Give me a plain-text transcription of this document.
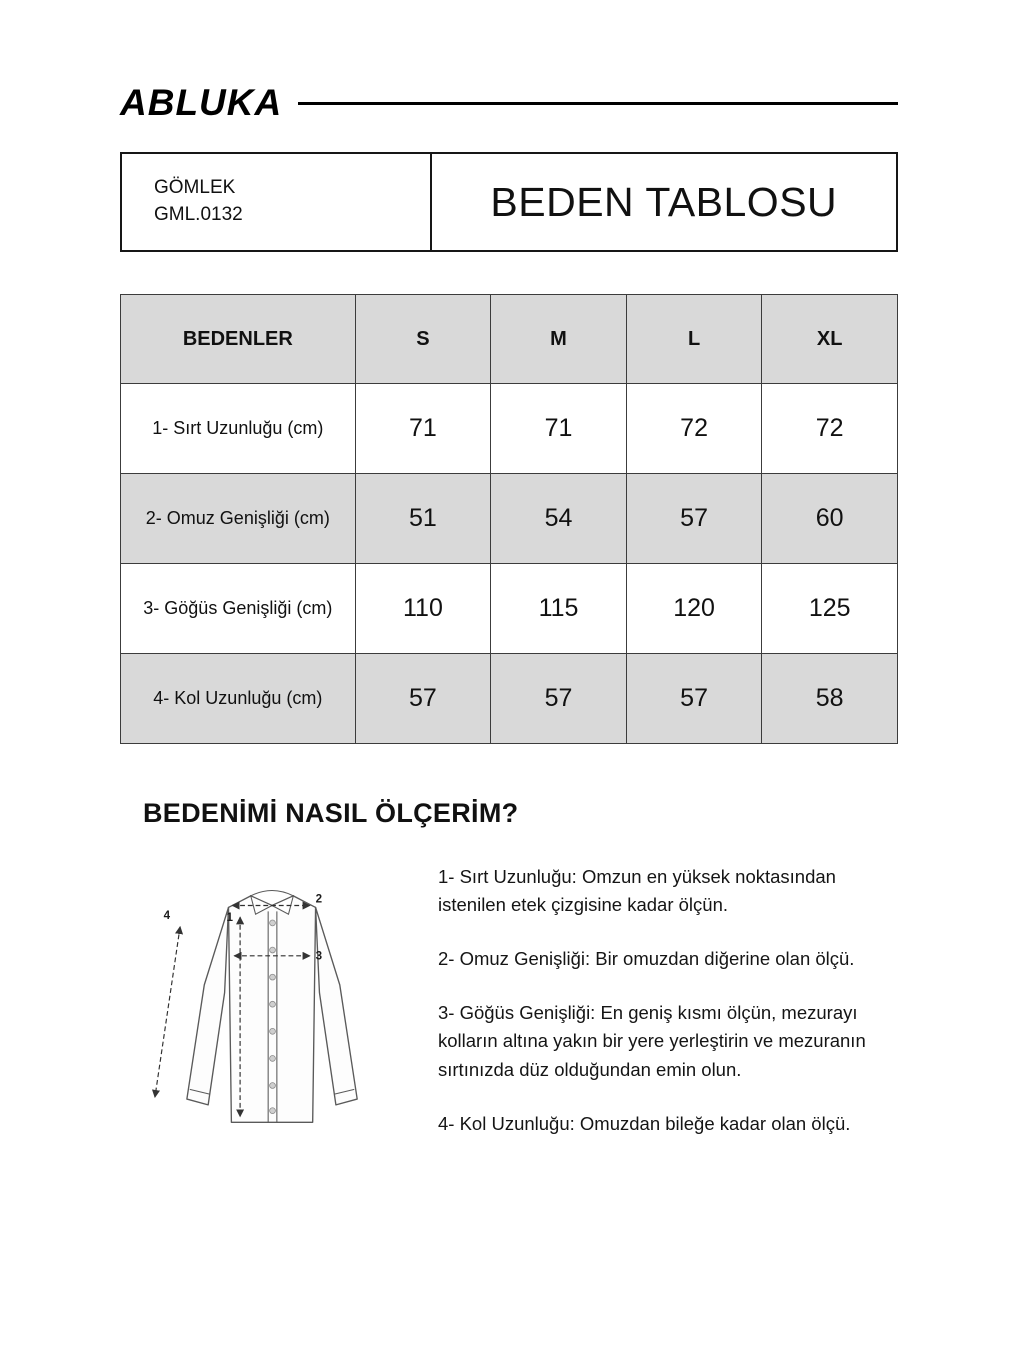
ABLUKA
GÖMLEK
GML.0132	BEDEN TABLOSU
BEDENLER	S	M	L	XL
1- Sırt Uzunluğu (cm)	71	71	72	72
2- Omuz Genişliği (cm)	51	54	57	60
3- Göğüs Genişliği (cm)	110	115	120	125
4- Kol Uzunluğu (cm)	57	57	57	58
BEDENİMİ NASIL ÖLÇERİM?
1
2
3
4

1- Sırt Uzunluğu: Omzun en yüksek noktasından istenilen etek çizgisine kadar ölçün.

2- Omuz Genişliği: Bir omuzdan diğerine olan ölçü.

3- Göğüs Genişliği: En geniş kısmı ölçün, mezurayı kolların altına yakın bir yere yerleştirin ve mezuranın sırtınızda düz olduğundan emin olun.

4- Kol Uzunluğu: Omuzdan bileğe kadar olan ölçü.
